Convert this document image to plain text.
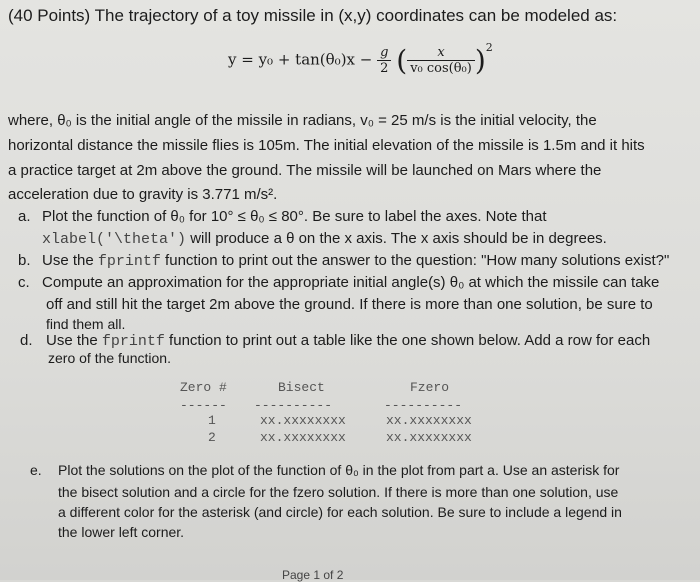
(40 Points) The trajectory of a toy missile in (x,y) coordinates can be modeled as:
$y = y_0 + \tan(\theta_0)x - \frac{g}{2}$ ( $\frac{x}{\text{v₀ cos(θ₀)}} )^2$
where, θ₀ is the initial angle of the missile in radians, v₀ = 25 m/s is the initial velocity, the
horizontal distance the missile flies is 105m. The initial elevation of the missile is 1.5m and it hits
a practice target at 2m above the ground. The missile will be launched on Mars where the
acceleration due to gravity is 3.771 m/s².
a. Plot the function of θ₀ for 10° ≤ θ₀ ≤ 80°. Be sure to label the axes. Note that
xlabel('\theta') will produce a θ on the x axis. The x axis should be in degrees.
b. Use the fprintf function to print out the answer to the question: "How many solutions exist?"
c. Compute an approximation for the appropriate initial angle(s) θ₀ at which the missile can take
off and still hit the target 2m above the ground. If there is more than one solution, be sure to
find them all.
d. Use the fprintf function to print out a table like the one shown below. Add a row for each
zero of the function.
Zero #	Bisect	Fzero
------ ----------	----------
1	xx.xxxxxxxx	xx.xxxxxxxx
2	xx.xxxxxxxx	xx.xxxxxxxx
e. Plot the solutions on the plot of the function of θ₀ in the plot from part a. Use an asterisk for
the bisect solution and a circle for the fzero solution. If there is more than one solution, use
a different color for the asterisk (and circle) for each solution. Be sure to include a legend in
the lower left corner.
Page 1 of 2
